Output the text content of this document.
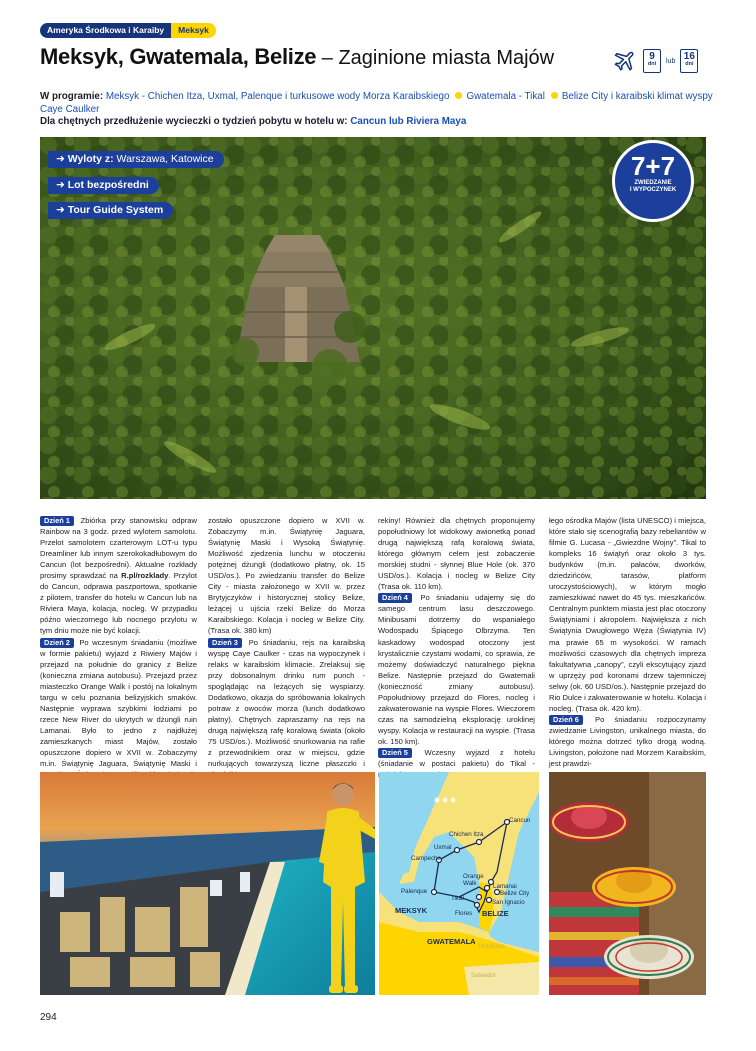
Ameryka Środkowa i Karaiby	Meksyk
Meksyk, Gwatemala, Belize – Zaginione miasta Majów	9
dni	lub 16
dni
W programie: Meksyk - Chichen Itza, Uxmal, Palenque i turkusowe wody Morza Karaibskiego Gwatemala - Tikal Belize City i karaibski klimat wyspy Caye Caulker
Dla chętnych przedłużenie wycieczki o tydzień pobytu w hotelu w: Cancun lub Riviera Maya
➜ Wyloty z: Warszawa, Katowice
➜ Lot bezpośredni
➜ Tour Guide System
7+7
ZWIEDZANIE
I WYPOCZYNEK
Dzień 1 Zbiórka przy stanowisku odpraw Rainbow na 3 godz. przed wylotem samolotu. Przelot samolotem czarterowym LOT-u typu Dreamliner lub innym szerokokadłubowym do Cancun (lot bezpośredni). Aktualne rozkłady prosimy sprawdzać na R.pl/rozklady. Przylot do Cancun, odprawa paszportowa, spotkanie z pilotem, transfer do hotelu w Cancun lub na Riviera Maya, kolacja, nocleg. W przypadku późno wieczornego lub nocnego przylotu w tym dniu może nie być kolacji.
Dzień 2 Po wczesnym śniadaniu (możliwe w formie pakietu) wyjazd z Riwiery Majów i przejazd na południe do granicy z Belize (konieczna zmiana autobusu). Przejazd przez miasteczko Orange Walk i postój na lokalnym targu w celu poznania belizyjskich smaków. Następnie wyprawa szybkimi łodziami po rzece New River do ukrytych w dżungli ruin Lamanai. Było to jedno z najdłużej zamieszkanych miast Majów, zostało opuszczone dopiero w XVII w. Zobaczymy m.in. Świątynię Jaguara, Świątynię Maski i
zostało opuszczone dopiero w XVII w. Zobaczymy m.in. Świątynię Jaguara, Świątynię Maski i Wysoką Świątynię. Możliwość zjedzenia lunchu w otoczeniu potężnej dżungli (dodatkowo płatny, ok. 15 USD/os.). Po zwiedzaniu transfer do Belize City - miasta założonego w XVII w. przez Brytyjczyków i historycznej stolicy Belize, leżącej u ujścia rzeki Belize do Morza Karaibskiego. Kolacja i nocleg w Belize City. (Trasa ok. 380 km)
Dzień 3 Po śniadaniu, rejs na karaibską wyspę Caye Caulker - czas na wypoczynek i relaks w karaibskim klimacie. Zrelaksuj się przy dobsonalnym drinku rum punch - spoglądając na leżących się wyspiarzy. Dodatkowo, okazja do spróbowania lokalnych potraw z owoców morza (lunch dodatkowo płatny). Chętnych zapraszamy na rejs na drugą największą rafę koralową świata (około 75 USD/os.). Możliwość snurkowania na rafie z przewodnikiem oraz w miejscu, gdzie nurkujących towarzyszą liczne płaszczki i
rekiny! Również dla chętnych proponujemy popołudniowy lot widokowy awionetką ponad drugą największą rafą koralową świata, którego głównym celem jest zobaczenie morskiej studni - słynnej Blue Hole (ok. 370 USD/os.). Kolacja i nocleg w Belize City (Trasa ok. 110 km).
Dzień 4 Po śniadaniu udajemy się do samego centrum lasu deszczowego. Minibusami dotrzemy do wspaniałego Wodospadu Śpiącego Olbrzyma. Ten kaskadowy wodospad otoczony jest krystalicznie czystami wodami, co sprawia, że możemy doświadczyć naturalnego piękna Belize. Następnie przejazd do Gwatemali (konieczność zmiany autobusu). Popołudniowy przejazd do Flores, nocleg i zakwaterowanie na wyspie Flores. Wieczorem czas na samodzielną eksplorację uroklinej wyspy. Kolacja w restauracji na wyspie. (Trasa ok. 150 km).
Dzień 5 Wczesny wyjazd z hotelu (śniadanie w postaci pakietu) do Tikal -
łego ośrodka Majów (lista UNESCO) i miejsca, które stało się scenografią bazy rebeliantów w filmie G. Lucasa - „Gwiezdne Wojny”. Tikal to kompleks 16 świątyń oraz około 3 tys. budynków (m.in. pałaców, dworków, dziedzińców, tarasów, platform uroczystościowych), w którym mogło zamieszkiwać nawet do 45 tys. mieszkańców. Centralnym punktem miasta jest plac otoczony Świątyniami i akropolem. Największa z nich Świątynia Dwugłowego Węża (Świątynia IV) ma prawie 65 m wysokości. W ramach możliwości czasowych dla chętnych impreza fakultatywna „canopy”, czyli ekscytujący zjazd w uprzęży pod koronami drzew tajemniczej selwy (ok. 60 USD/os.). Następnie przejazd do Rio Dulce i zakwaterowanie w hotelu. Kolacja i nocleg. (Trasa ok. 420 km).
Dzień 6 Po śniadaniu rozpoczynamy zwiedzanie Livingston, unikalnego miasta, do którego można dotrzeć tylko drogą wodną. Livingston, położone nad Morzem Karaibskim, jest prawdzi-
Honduras
Salwador
Cancun
Chichen Itza
Uxmal
Campeche
Orange
Walk	Lamanai
Belize City
San Ignacio
Palenque
Tikal
Flores
MEKSYK	BELIZE
GWATEMALA
294
